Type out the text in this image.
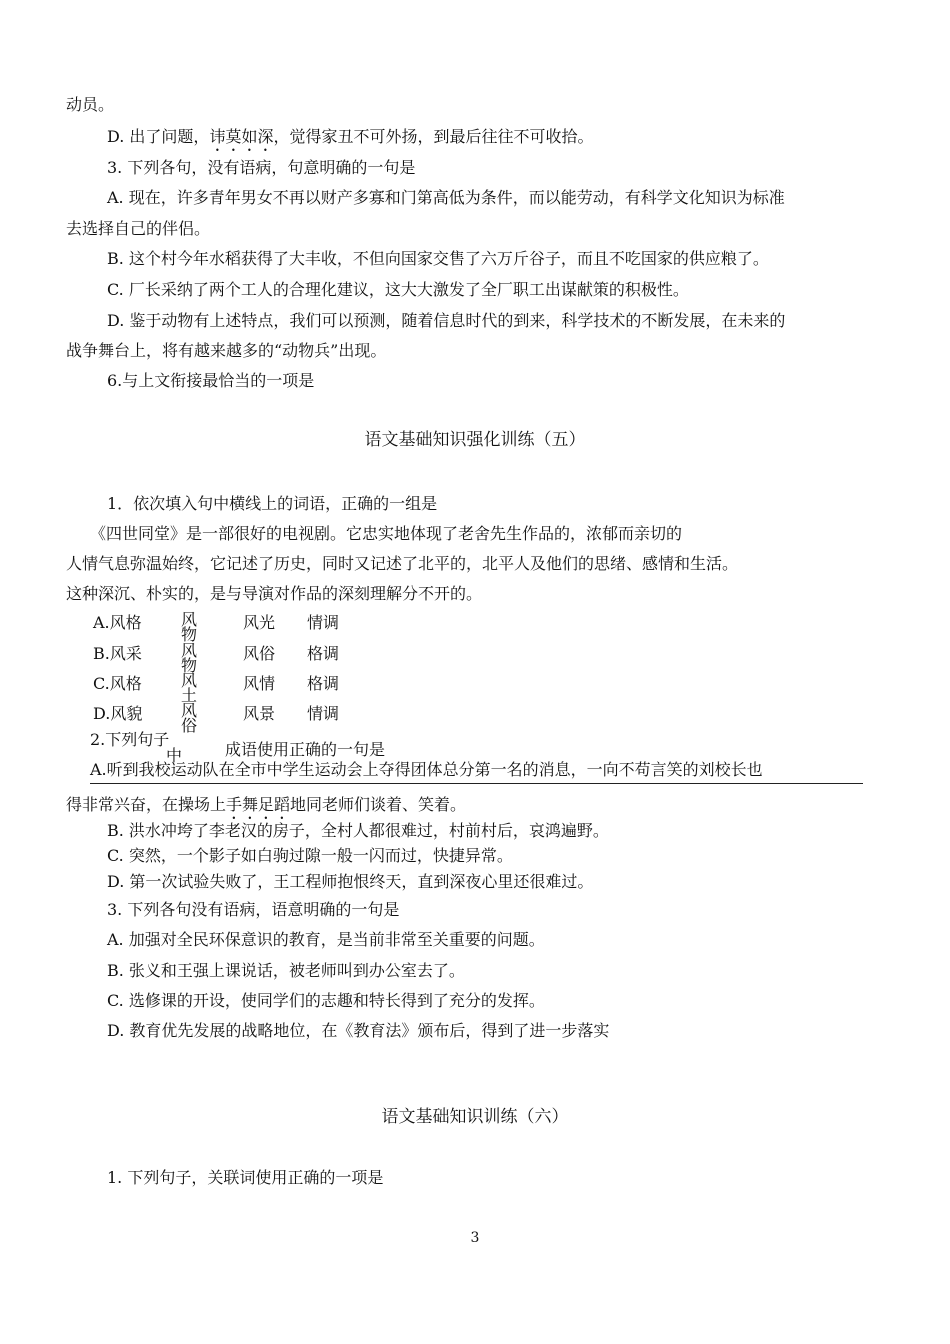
动员。
D. 出了问题，讳莫如深，觉得家丑不可外扬，到最后往往不可收拾。
3. 下列各句，没有语病，句意明确的一句是
A. 现在，许多青年男女不再以财产多寡和门第高低为条件，而以能劳动，有科学文化知识为标准
去选择自己的伴侣。
B. 这个村今年水稻获得了大丰收，不但向国家交售了六万斤谷子，而且不吃国家的供应粮了。
C. 厂长采纳了两个工人的合理化建议，这大大激发了全厂职工出谋献策的积极性。
D. 鉴于动物有上述特点，我们可以预测，随着信息时代的到来，科学技术的不断发展，在未来的
战争舞台上，将有越来越多的“动物兵”出现。
6.与上文衔接最恰当的一项是
语文基础知识强化训练（五）
1．依次填入句中横线上的词语，正确的一组是
《四世同堂》是一部很好的电视剧。它忠实地体现了老舍先生作品的，浓郁而亲切的
人情气息弥温始终，它记述了历史，同时又记述了北平的，北平人及他们的思绪、感情和生活。
这种深沉、朴实的，是与导演对作品的深刻理解分不开的。
A.风格 风 物
风光 情调
B.风采 风 物
风俗 格调
C.风格 风 土
风情 格调
D.风貌 风 俗
风景 情调
2.下列句子
中	成语使用正确的一句是
A.听到我校运动队在全市中学生运动会上夺得团体总分第一名的消息，一向不苟言笑的刘校长也
得非常兴奋，在操场上手舞足蹈地同老师们谈着、笑着。
B. 洪水冲垮了李老汉的房子，全村人都很难过，村前村后，哀鸿遍野。
C. 突然，一个影子如白驹过隙一般一闪而过，快捷异常。
D. 第一次试验失败了，王工程师抱恨终天，直到深夜心里还很难过。
3. 下列各句没有语病，语意明确的一句是
A. 加强对全民环保意识的教育，是当前非常至关重要的问题。
B. 张义和王强上课说话，被老师叫到办公室去了。
C. 选修课的开设，使同学们的志趣和特长得到了充分的发挥。
D. 教育优先发展的战略地位，在《教育法》颁布后，得到了进一步落实
语文基础知识训练（六）
1. 下列句子，关联词使用正确的一项是
3
